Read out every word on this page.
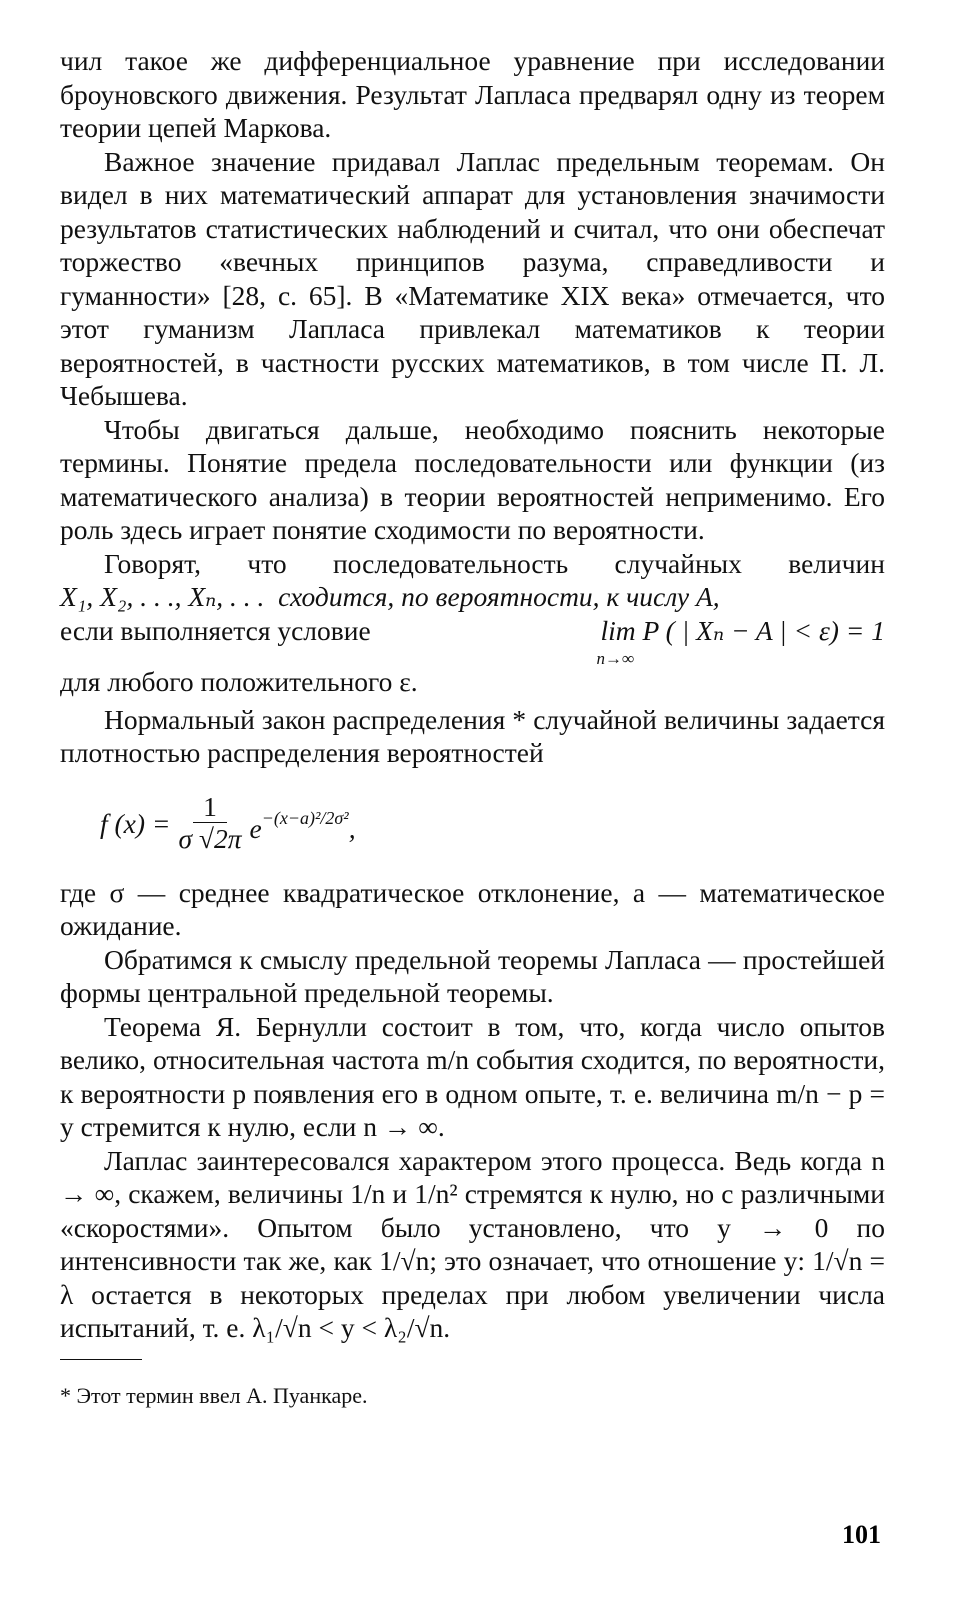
чил такое же дифференциальное уравнение при исследовании броуновского движения. Результат Лапласа предварял одну из теорем теории цепей Маркова.

Важное значение придавал Лаплас предельным теоремам. Он видел в них математический аппарат для установления значимости результатов статистических наблюдений и считал, что они обеспечат торжество «вечных принципов разума, справедливости и гуманности» [28, с. 65]. В «Математике XIX века» отмечается, что этот гуманизм Лапласа привлекал математиков к теории вероятностей, в частности русских математиков, в том числе П. Л. Чебышева.

Чтобы двигаться дальше, необходимо пояснить некоторые термины. Понятие предела последовательности или функции (из математического анализа) в теории вероятностей неприменимо. Его роль здесь играет понятие сходимости по вероятности.

Говорят, что последовательность случайных величин

X₁, X₂, . . ., Xₙ, . . .  сходится, по вероятности, к числу A,
если выполняется условие	lim P ( | Xₙ − A | < ε) = 1
n→∞

для любого положительного ε.

Нормальный закон распределения * случайной величины задается плотностью распределения вероятностей

f $(x) = \frac{1}{\sigma √2\pi} e^{-(x-a)^2/2\sigma^2}$,

где σ — среднее квадратическое отклонение, a — математическое ожидание.

Обратимся к смыслу предельной теоремы Лапласа — простейшей формы центральной предельной теоремы.

Теорема Я. Бернулли состоит в том, что, когда число опытов велико, относительная частота m/n события сходится, по вероятности, к вероятности p появления его в одном опыте, т. е. величина m/n − p = y стремится к нулю, если n → ∞.

Лаплас заинтересовался характером этого процесса. Ведь когда n → ∞, скажем, величины 1/n и 1/n² стремятся к нулю, но с различными «скоростями». Опытом было установлено, что y → 0 по интенсивности так же, как 1/√n; это означает, что отношение y: 1/√n = λ остается в некоторых пределах при любом увеличении числа испытаний, т. е. λ₁/√n < y < λ₂/√n.

* Этот термин ввел А. Пуанкаре.

101
